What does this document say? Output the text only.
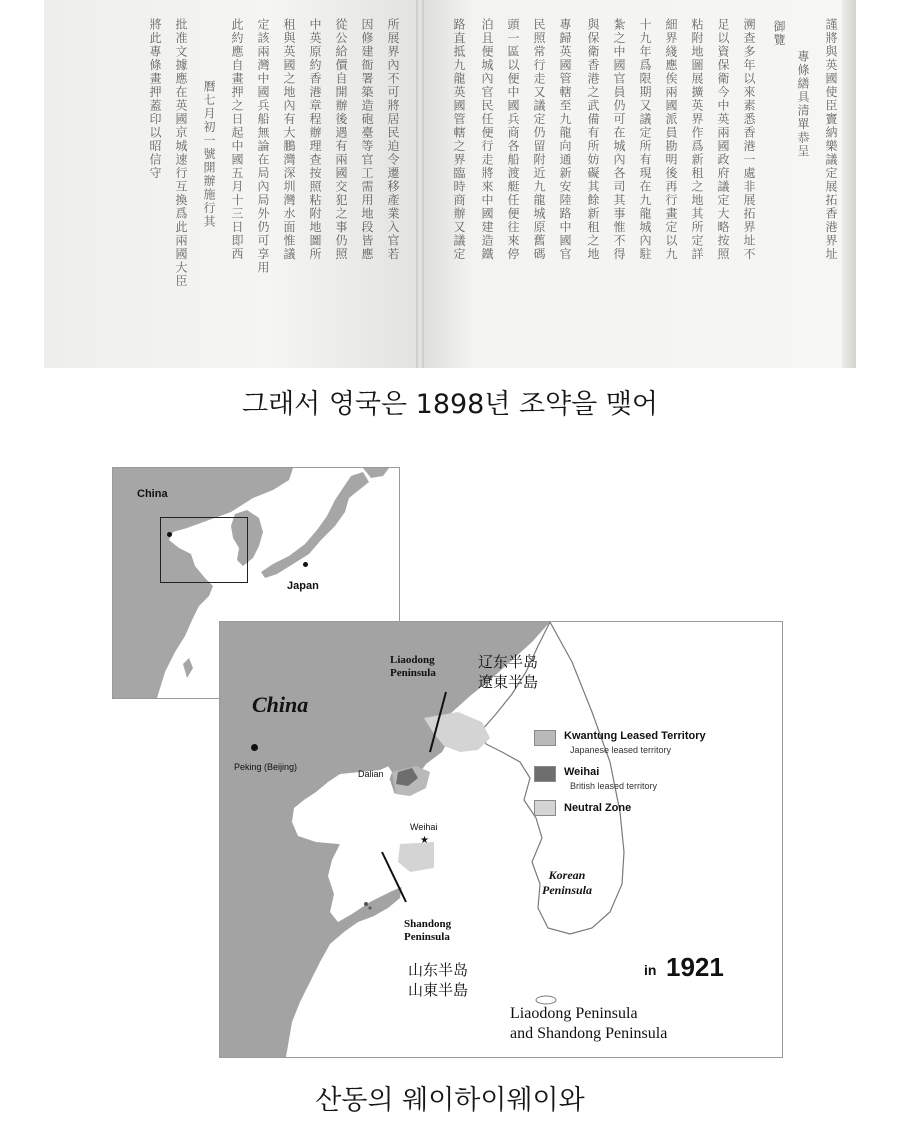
謹將與英國使臣竇納樂議定展拓香港界址
專條繕具清單恭呈
御覽
溯查多年以來素悉香港一處非展拓界址不
足以資保衛今中英兩國政府議定大略按照
粘附地圖展擴英界作爲新租之地其所定詳
細界綫應俟兩國派員勘明後再行畫定以九
十九年爲限期又議定所有現在九龍城內駐
紮之中國官員仍可在城內各司其事惟不得
與保衛香港之武備有所妨礙其餘新租之地
專歸英國管轄至九龍向通新安陸路中國官
民照常行走又議定仍留附近九龍城原舊碼
頭一區以便中國兵商各船渡艇任便往來停
泊且便城內官民任便行走將來中國建造鐵
路直抵九龍英國管轄之界臨時商辦又議定
所展界內不可將居民迫令遷移產業入官若
因修建衙署築造砲臺等官工需用地段皆應
從公給價自開辦後遇有兩國交犯之事仍照
中英原約香港章程辦理查按照粘附地圖所
租與英國之地內有大鵬灣深圳灣水面惟議
定該兩灣中國兵船無論在局內局外仍可享用
此約應自畫押之日起中國五月十三日即西
曆七月初一號開辦施行其
批准文據應在英國京城速行互換爲此兩國大臣
將此專條畫押蓋印以昭信守
그래서 영국은 1898년 조약을 맺어
China
Japan
★
China
Peking (Beijing)
Dalian
Weihai
Liaodong
Peninsula
辽东半岛
遼東半島
Shandong
Peninsula
山东半岛
山東半島
Korean
Peninsula
Kwantung Leased Territory
Japanese leased territory
Weihai
British leased territory
Neutral Zone
in 1921
Liaodong Peninsula
and Shandong Peninsula
산동의 웨이하이웨이와
